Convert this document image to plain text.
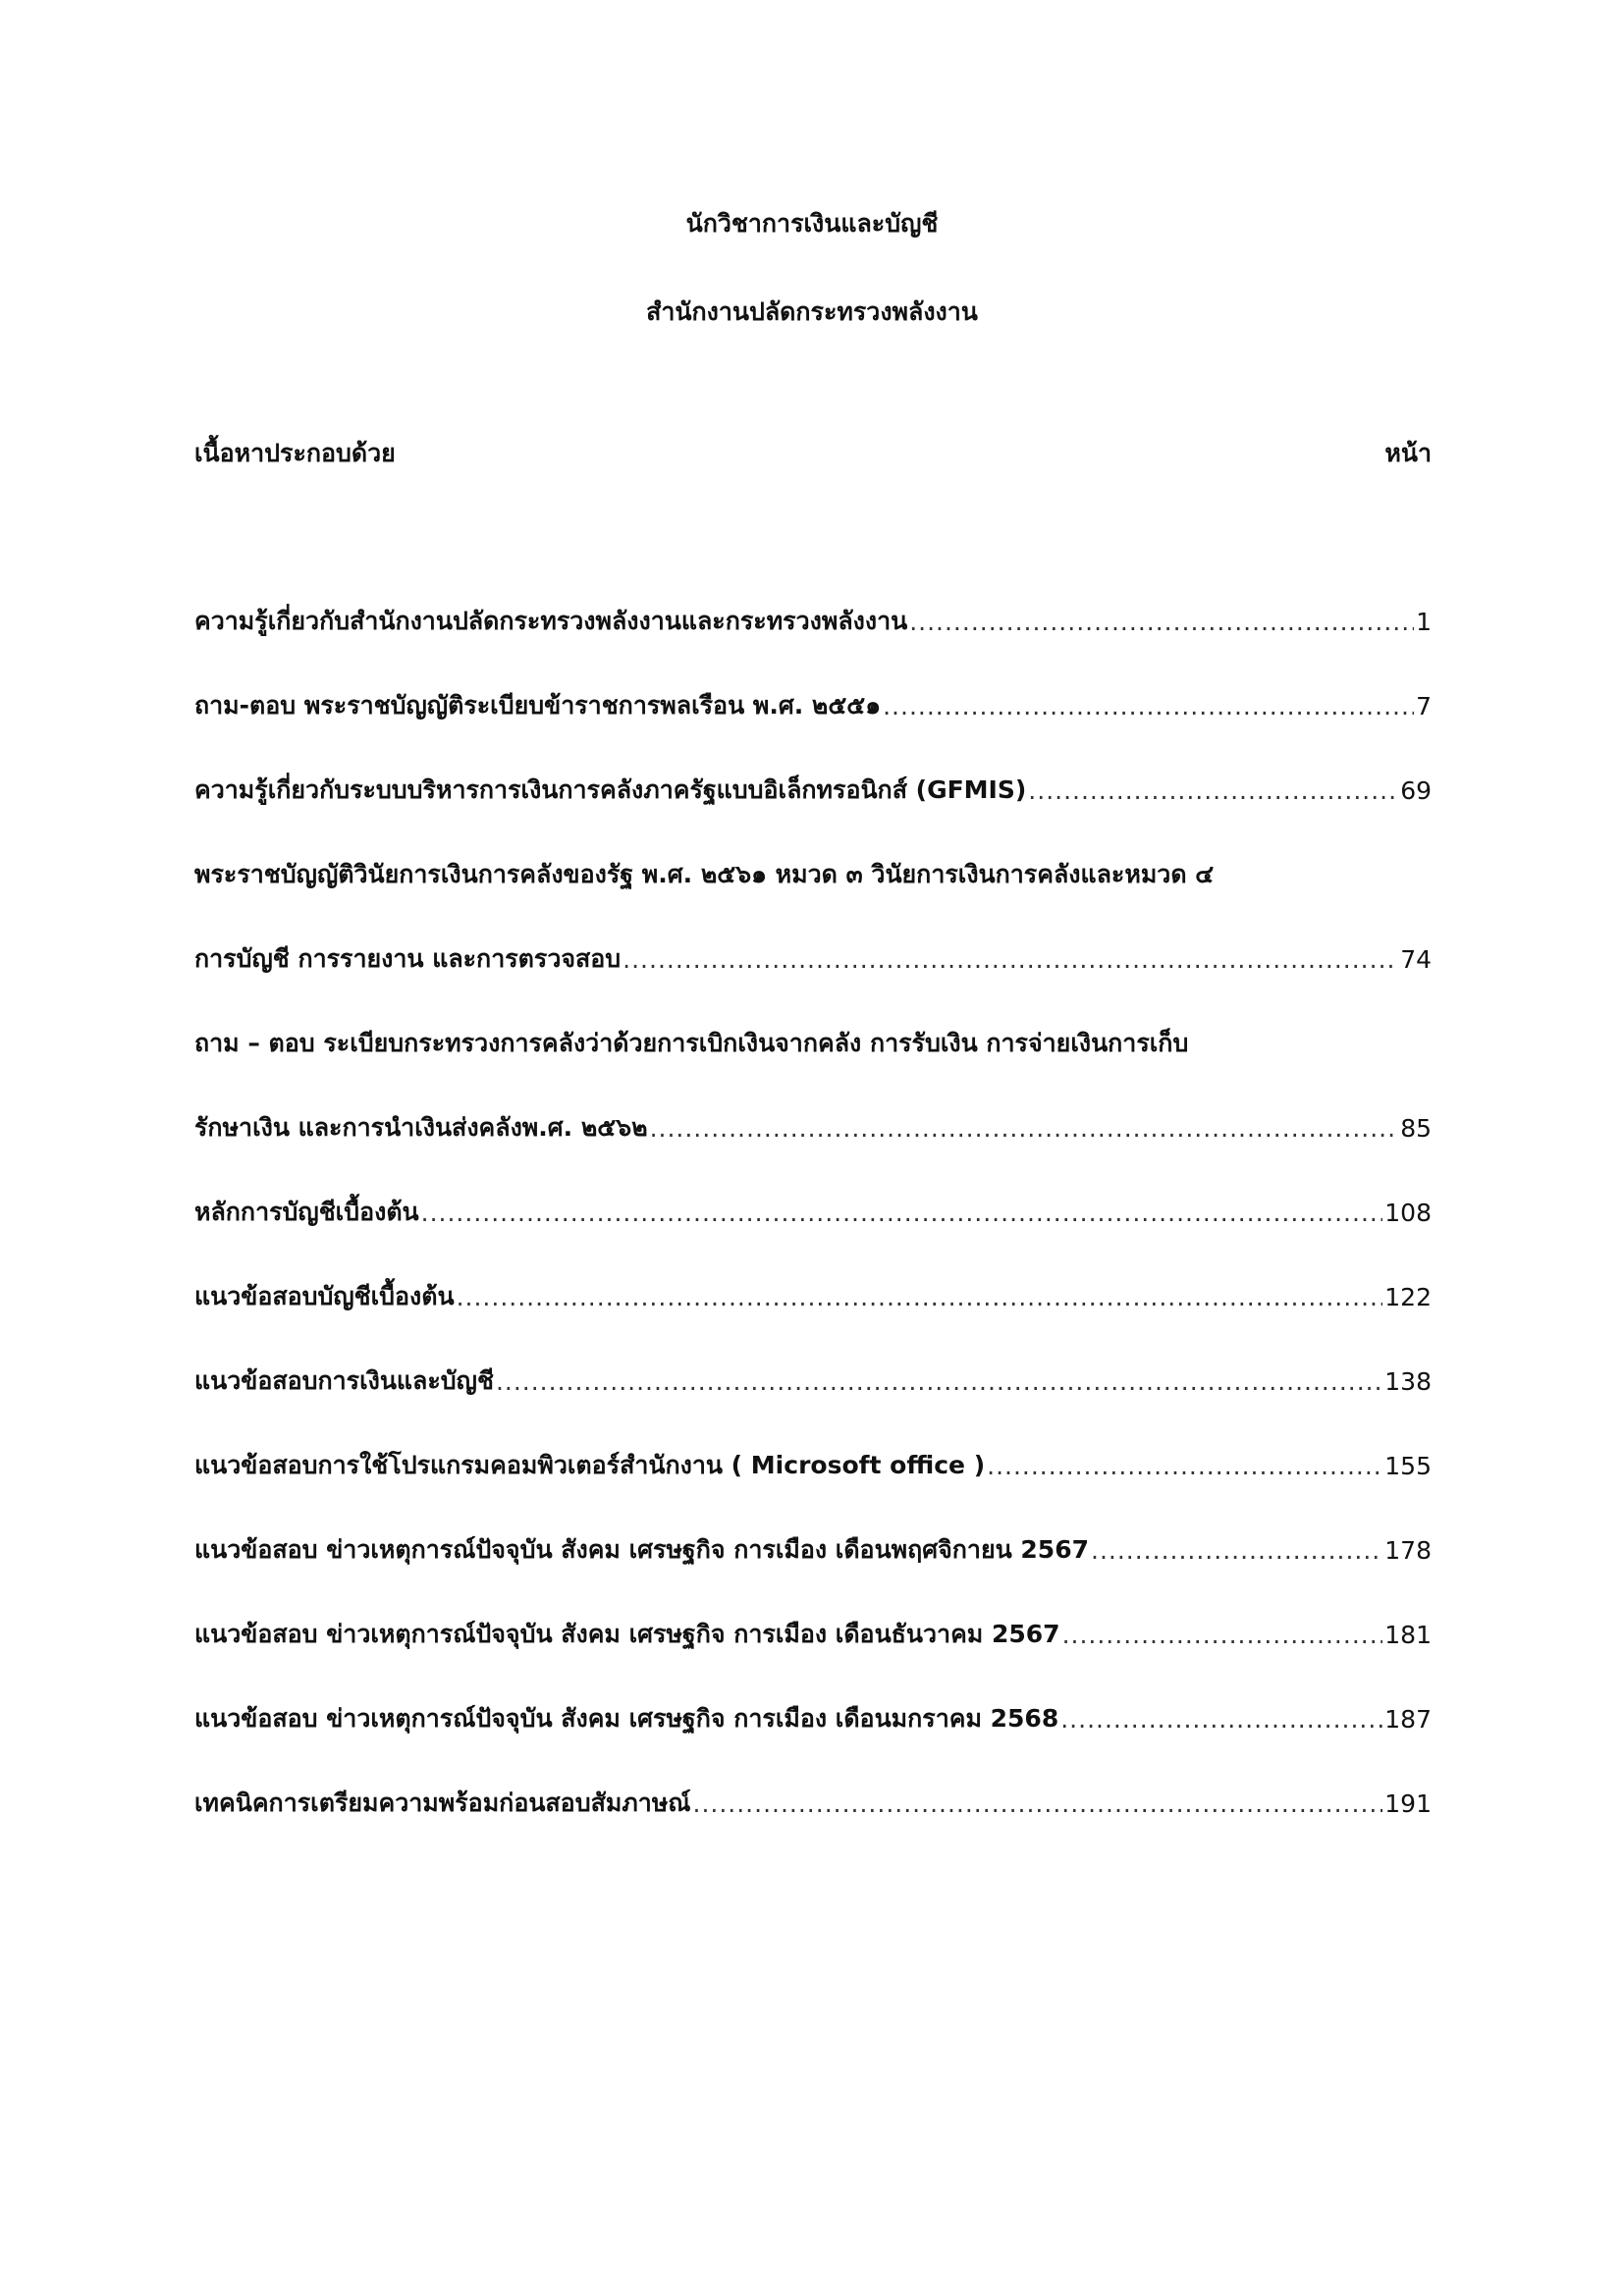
นักวิชาการเงินและบัญชี
สำนักงานปลัดกระทรวงพลังงาน
เนื้อหาประกอบด้วย	หน้า
ความรู้เกี่ยวกับสำนักงานปลัดกระทรวงพลังงานและกระทรวงพลังงาน .....	1
ถาม-ตอบ พระราชบัญญัติระเบียบข้าราชการพลเรือน พ.ศ. ๒๕๕๑ .....	7
ความรู้เกี่ยวกับระบบบริหารการเงินการคลังภาครัฐแบบอิเล็กทรอนิกส์ (GFMIS) .....	69
พระราชบัญญัติวินัยการเงินการคลังของรัฐ พ.ศ. ๒๕๖๑ หมวด ๓ วินัยการเงินการคลังและหมวด ๔
การบัญชี การรายงาน และการตรวจสอบ .....	74
ถาม – ตอบ ระเบียบกระทรวงการคลังว่าด้วยการเบิกเงินจากคลัง การรับเงิน การจ่ายเงินการเก็บ
รักษาเงิน และการนำเงินส่งคลังพ.ศ. ๒๕๖๒ .....	85
หลักการบัญชีเบื้องต้น .....	108
แนวข้อสอบบัญชีเบื้องต้น .....	122
แนวข้อสอบการเงินและบัญชี .....	138
แนวข้อสอบการใช้โปรแกรมคอมพิวเตอร์สำนักงาน ( Microsoft office ) .....	155
แนวข้อสอบ ข่าวเหตุการณ์ปัจจุบัน สังคม เศรษฐกิจ การเมือง เดือนพฤศจิกายน 2567 .....	178
แนวข้อสอบ ข่าวเหตุการณ์ปัจจุบัน สังคม เศรษฐกิจ การเมือง เดือนธันวาคม 2567 .....	181
แนวข้อสอบ ข่าวเหตุการณ์ปัจจุบัน สังคม เศรษฐกิจ การเมือง เดือนมกราคม 2568 .....	187
เทคนิคการเตรียมความพร้อมก่อนสอบสัมภาษณ์ .....	191
